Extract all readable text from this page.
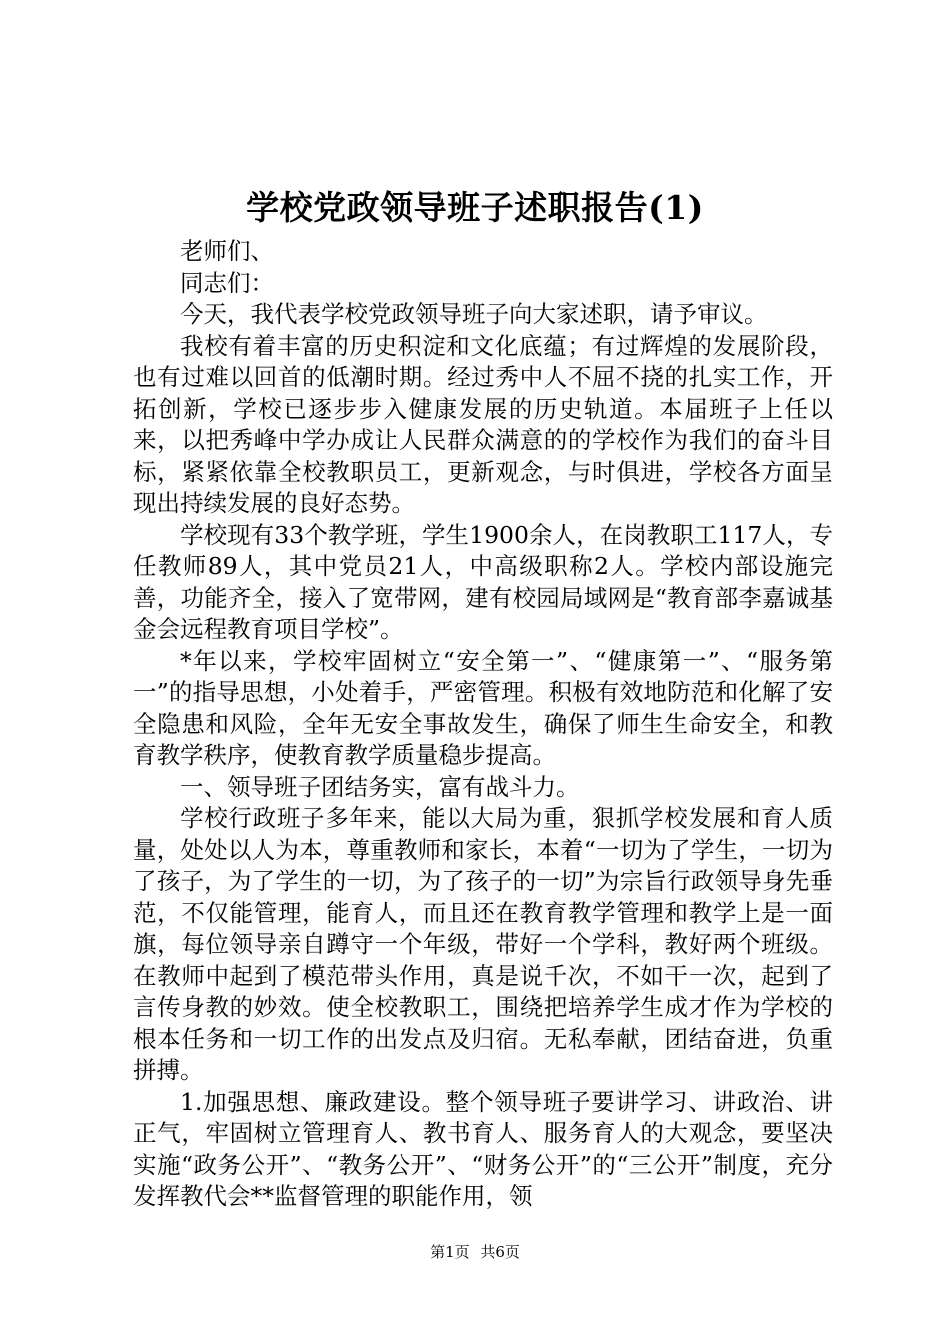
学校党政领导班子述职报告(1)

老师们、

同志们：

今天，我代表学校党政领导班子向大家述职，请予审议。

我校有着丰富的历史积淀和文化底蕴；有过辉煌的发展阶段，也有过难以回首的低潮时期。经过秀中人不屈不挠的扎实工作，开拓创新，学校已逐步步入健康发展的历史轨道。本届班子上任以来，以把秀峰中学办成让人民群众满意的的学校作为我们的奋斗目标，紧紧依靠全校教职员工，更新观念，与时俱进，学校各方面呈现出持续发展的良好态势。

学校现有33个教学班，学生1900余人，在岗教职工117人，专任教师89人，其中党员21人，中高级职称2人。学校内部设施完善，功能齐全，接入了宽带网，建有校园局域网是“教育部李嘉诚基金会远程教育项目学校”。

*年以来，学校牢固树立“安全第一”、“健康第一”、“服务第一”的指导思想，小处着手，严密管理。积极有效地防范和化解了安全隐患和风险，全年无安全事故发生，确保了师生生命安全，和教育教学秩序，使教育教学质量稳步提高。

一、领导班子团结务实，富有战斗力。

学校行政班子多年来，能以大局为重，狠抓学校发展和育人质量，处处以人为本，尊重教师和家长，本着“一切为了学生，一切为了孩子，为了学生的一切，为了孩子的一切”为宗旨行政领导身先垂范，不仅能管理，能育人，而且还在教育教学管理和教学上是一面旗，每位领导亲自蹲守一个年级，带好一个学科，教好两个班级。在教师中起到了模范带头作用，真是说千次，不如干一次，起到了言传身教的妙效。使全校教职工，围绕把培养学生成才作为学校的根本任务和一切工作的出发点及归宿。无私奉献，团结奋进，负重拼搏。

1.加强思想、廉政建设。整个领导班子要讲学习、讲政治、讲正气，牢固树立管理育人、教书育人、服务育人的大观念，要坚决实施“政务公开”、“教务公开”、“财务公开”的“三公开”制度，充分发挥教代会**监督管理的职能作用，领

第1页 共6页
